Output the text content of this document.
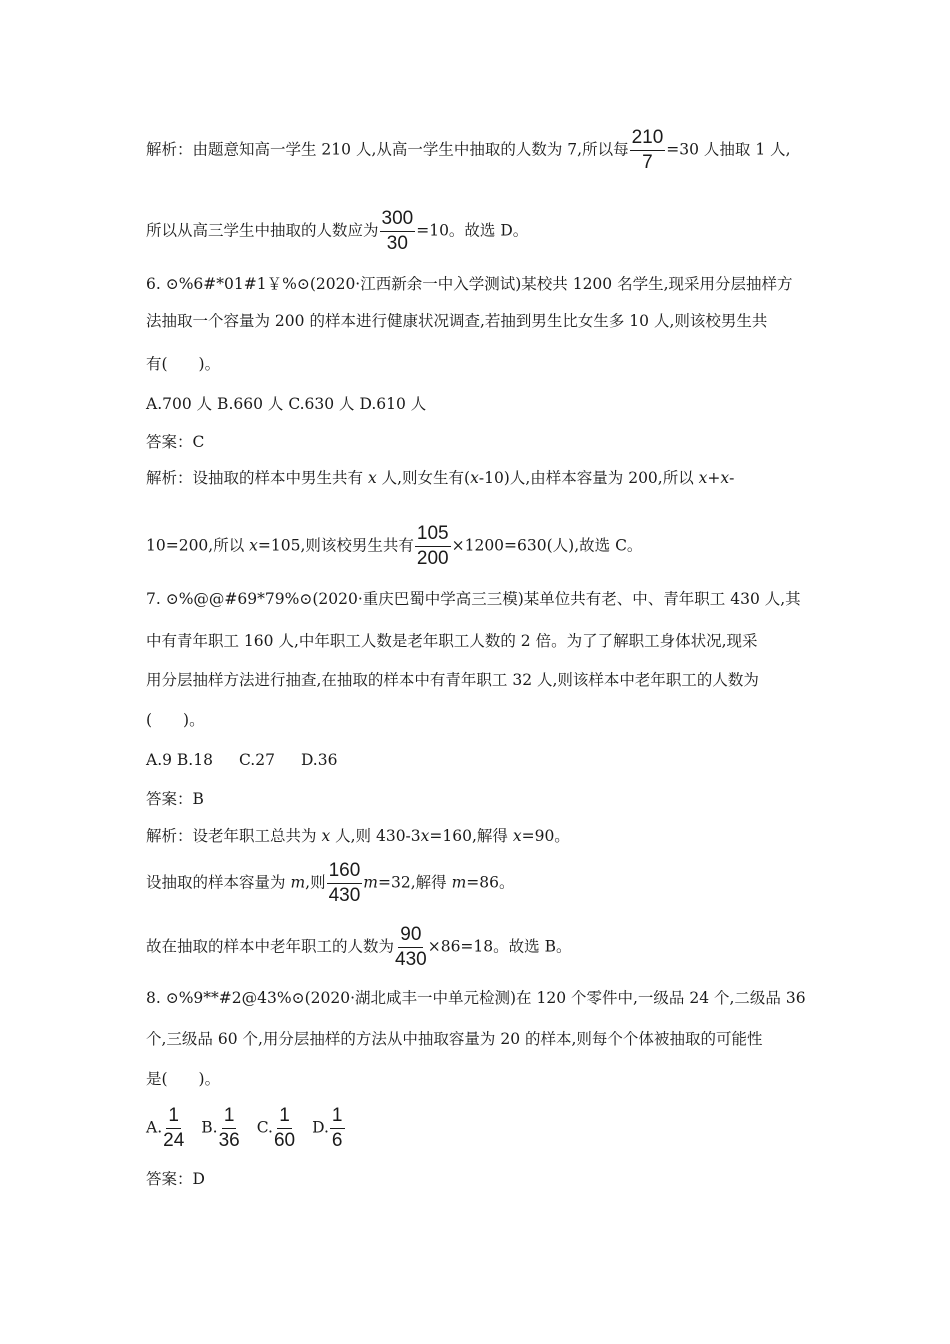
解析：由题意知高一学生 210 人,从高一学生中抽取的人数为 7,所以每 $\frac{210}{7} =30$ 人抽取 1 人,
所以从高三学生中抽取的人数应为 $\frac{300}{30} =10$。故选 D。
6. ⊙%6#*01#1￥%⊙(2020·江西新余一中入学测试)某校共 1200 名学生,现采用分层抽样方
法抽取一个容量为 200 的样本进行健康状况调查,若抽到男生比女生多 10 人,则该校男生共
有(　　)。
A.700 人 B.660 人 C.630 人 D.610 人
答案：C
解析：设抽取的样本中男生共有 x 人,则女生有(x-10)人,由样本容量为 200,所以 x+x-
10=200,所以 x=105,则该校男生共有 $\frac{105}{200} \times 1200=630$(人),故选 C。
7. ⊙%@@#69*79%⊙(2020·重庆巴蜀中学高三三模)某单位共有老、中、青年职工 430 人,其
中有青年职工 160 人,中年职工人数是老年职工人数的 2 倍。为了了解职工身体状况,现采
用分层抽样方法进行抽查,在抽取的样本中有青年职工 32 人,则该样本中老年职工的人数为
(　　)。
A.9 B.18 C.27 D.36
答案：B
解析：设老年职工总共为 x 人,则 430-3x=160,解得 x=90。
设抽取的样本容量为 m,则 $\frac{160}{430} m=32$,解得 m=86。
故在抽取的样本中老年职工的人数为 $\frac{90}{430} \times 86=18$。故选 B。
8. ⊙%9**#2@43%⊙(2020·湖北咸丰一中单元检测)在 120 个零件中,一级品 24 个,二级品 36
个,三级品 60 个,用分层抽样的方法从中抽取容量为 20 的样本,则每个个体被抽取的可能性
是(　　)。
A. $\frac{1}{24} B$. $\frac{1}{36} C$. $\frac{1}{60} D$. $\frac{1}{6}$
答案：D
